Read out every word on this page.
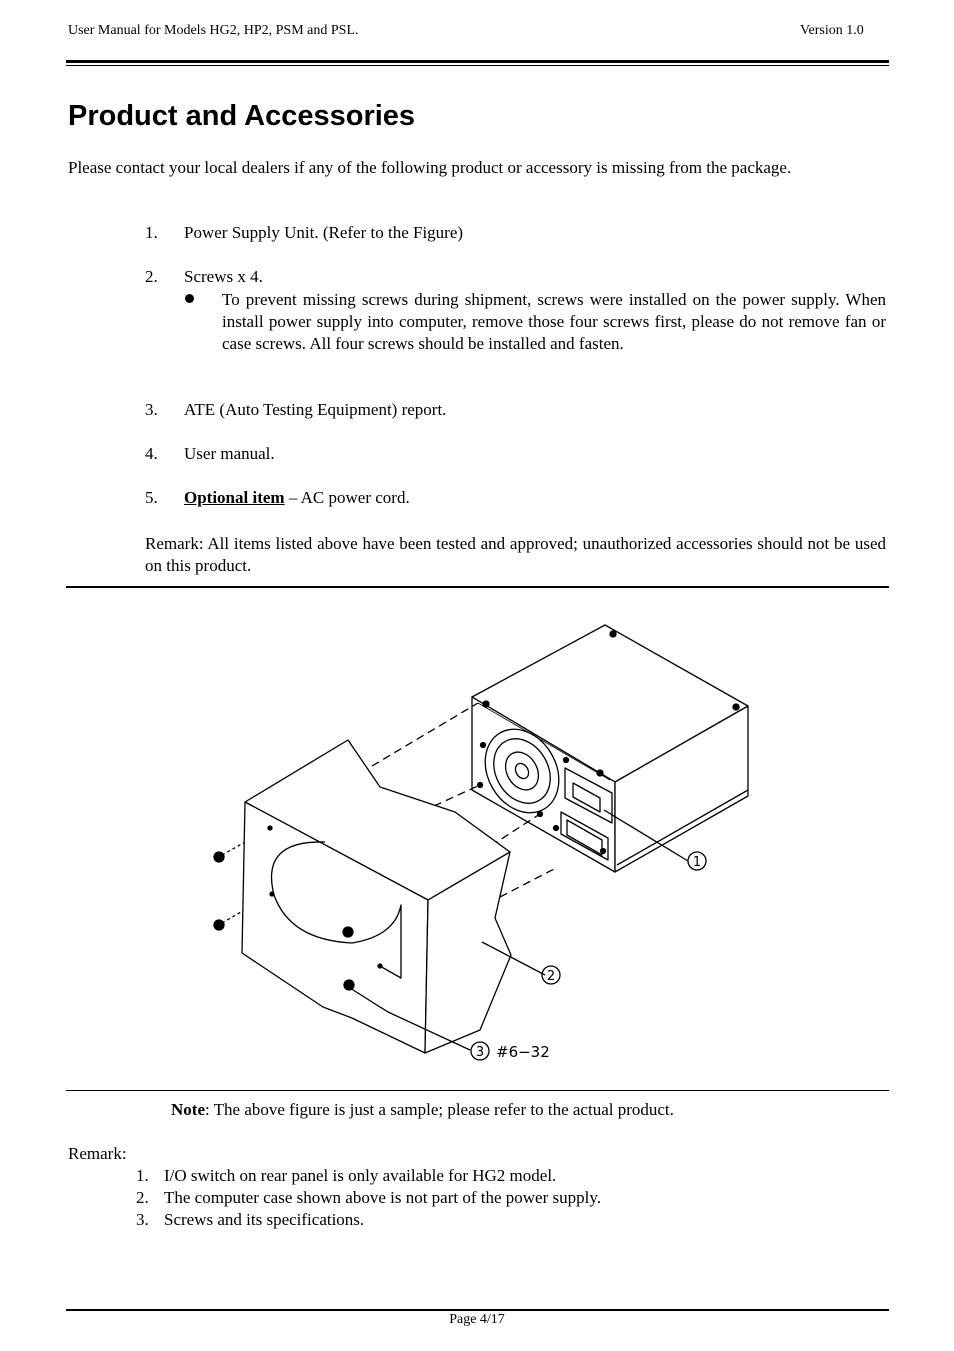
User Manual for Models HG2, HP2, PSM and PSL.	Version 1.0
Product and Accessories
Please contact your local dealers if any of the following product or accessory is missing from the package.
1. Power Supply Unit. (Refer to the Figure)
2. Screws x 4.
To prevent missing screws during shipment, screws were installed on the power supply. When install power supply into computer, remove those four screws first, please do not remove fan or case screws. All four screws should be installed and fasten.
3. ATE (Auto Testing Equipment) report.
4. User manual.
5. Optional item – AC power cord.
Remark: All items listed above have been tested and approved; unauthorized accessories should not be used on this product.
1
2
3 #6−32
Note: The above figure is just a sample; please refer to the actual product.
Remark:
1. I/O switch on rear panel is only available for HG2 model.
2. The computer case shown above is not part of the power supply.
3. Screws and its specifications.
Page 4/17
